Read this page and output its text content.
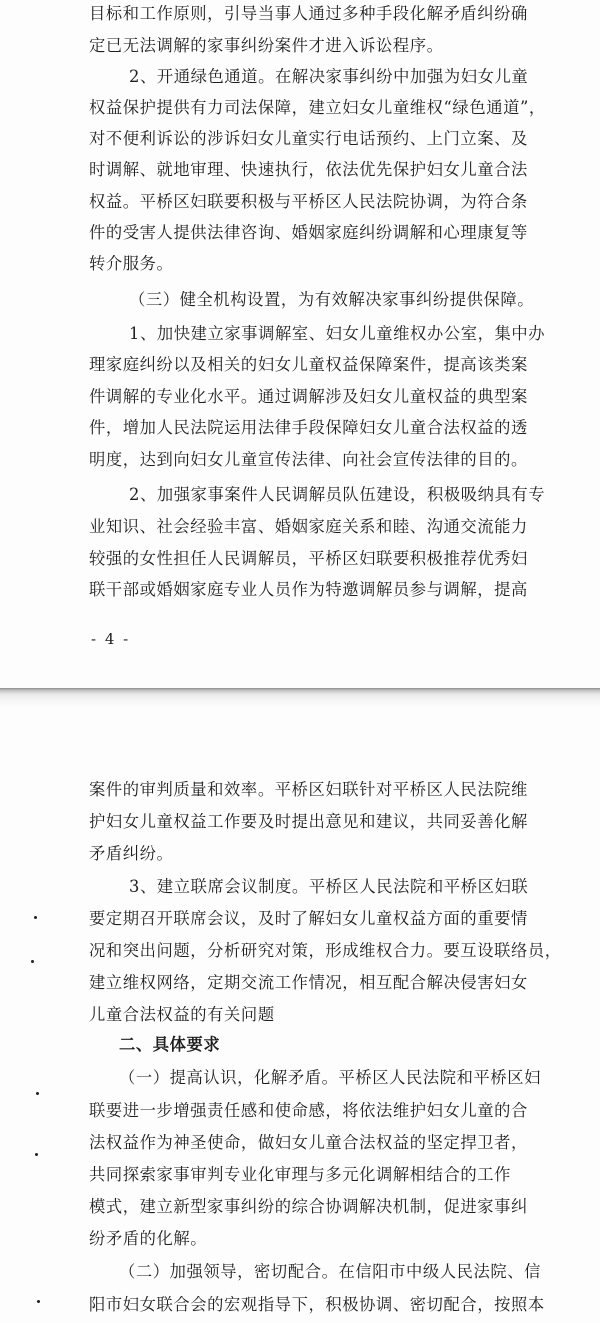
目标和工作原则，引导当事人通过多种手段化解矛盾纠纷确
定已无法调解的家事纠纷案件才进入诉讼程序。
2、开通绿色通道。在解决家事纠纷中加强为妇女儿童
权益保护提供有力司法保障，建立妇女儿童维权“绿色通道”，
对不便利诉讼的涉诉妇女儿童实行电话预约、上门立案、及
时调解、就地审理、快速执行，依法优先保护妇女儿童合法
权益。平桥区妇联要积极与平桥区人民法院协调，为符合条
件的受害人提供法律咨询、婚姻家庭纠纷调解和心理康复等
转介服务。
（三）健全机构设置，为有效解决家事纠纷提供保障。
1、加快建立家事调解室、妇女儿童维权办公室，集中办
理家庭纠纷以及相关的妇女儿童权益保障案件，提高该类案
件调解的专业化水平。通过调解涉及妇女儿童权益的典型案
件，增加人民法院运用法律手段保障妇女儿童合法权益的透
明度，达到向妇女儿童宣传法律、向社会宣传法律的目的。
2、加强家事案件人民调解员队伍建设，积极吸纳具有专
业知识、社会经验丰富、婚姻家庭关系和睦、沟通交流能力
较强的女性担任人民调解员，平桥区妇联要积极推荐优秀妇
联干部或婚姻家庭专业人员作为特邀调解员参与调解，提高
- 4 -
案件的审判质量和效率。平桥区妇联针对平桥区人民法院维
护妇女儿童权益工作要及时提出意见和建议，共同妥善化解
矛盾纠纷。
3、建立联席会议制度。平桥区人民法院和平桥区妇联
要定期召开联席会议，及时了解妇女儿童权益方面的重要情
况和突出问题，分析研究对策，形成维权合力。要互设联络员，
建立维权网络，定期交流工作情况，相互配合解决侵害妇女
儿童合法权益的有关问题
二、具体要求
（一）提高认识，化解矛盾。平桥区人民法院和平桥区妇
联要进一步增强责任感和使命感，将依法维护妇女儿童的合
法权益作为神圣使命，做妇女儿童合法权益的坚定捍卫者，
共同探索家事审判专业化审理与多元化调解相结合的工作
模式，建立新型家事纠纷的综合协调解决机制，促进家事纠
纷矛盾的化解。
（二）加强领导，密切配合。在信阳市中级人民法院、信
阳市妇女联合会的宏观指导下，积极协调、密切配合，按照本
